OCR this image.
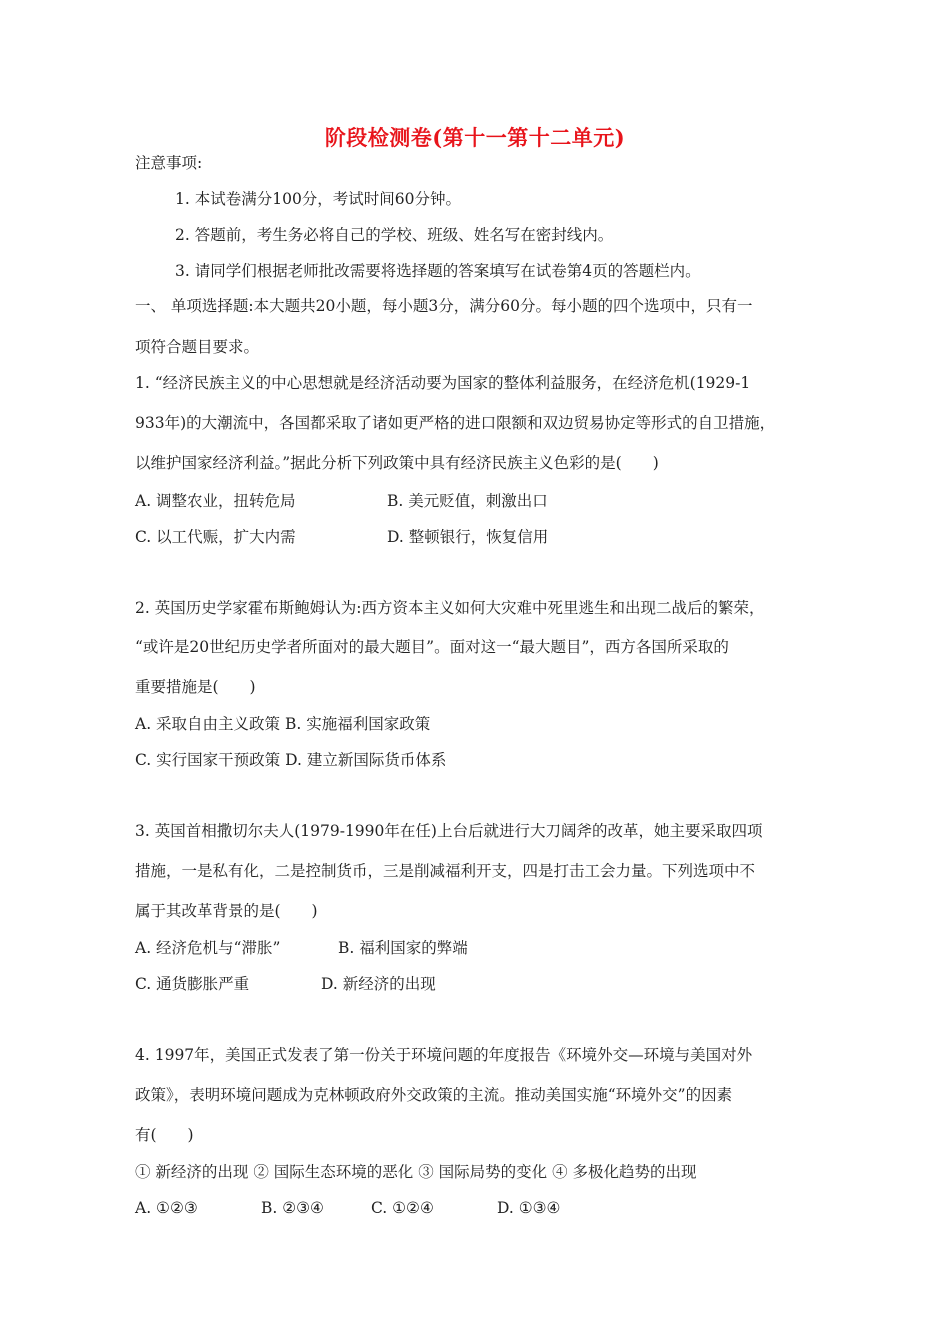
阶段检测卷(第十一第十二单元)
注意事项:
1. 本试卷满分100分，考试时间60分钟。
2. 答题前，考生务必将自己的学校、班级、姓名写在密封线内。
3. 请同学们根据老师批改需要将选择题的答案填写在试卷第4页的答题栏内。
一、 单项选择题:本大题共20小题，每小题3分，满分60分。每小题的四个选项中，只有一
项符合题目要求。
1. “经济民族主义的中心思想就是经济活动要为国家的整体利益服务，在经济危机(1929-1
933年)的大潮流中，各国都采取了诸如更严格的进口限额和双边贸易协定等形式的自卫措施，
以维护国家经济利益。”据此分析下列政策中具有经济民族主义色彩的是(　　)
A. 调整农业，扭转危局	B. 美元贬值，刺激出口
C. 以工代赈，扩大内需	D. 整顿银行，恢复信用
2. 英国历史学家霍布斯鲍姆认为:西方资本主义如何大灾难中死里逃生和出现二战后的繁荣，
“或许是20世纪历史学者所面对的最大题目”。面对这一“最大题目”，西方各国所采取的
重要措施是(　　)
A. 采取自由主义政策 B. 实施福利国家政策
C. 实行国家干预政策 D. 建立新国际货币体系
3. 英国首相撒切尔夫人(1979-1990年在任)上台后就进行大刀阔斧的改革，她主要采取四项
措施，一是私有化，二是控制货币，三是削减福利开支，四是打击工会力量。下列选项中不
属于其改革背景的是(　　)
A. 经济危机与“滞胀”	B. 福利国家的弊端
C. 通货膨胀严重	D. 新经济的出现
4. 1997年，美国正式发表了第一份关于环境问题的年度报告《环境外交—环境与美国对外
政策》，表明环境问题成为克林顿政府外交政策的主流。推动美国实施“环境外交”的因素
有(　　)
① 新经济的出现 ② 国际生态环境的恶化 ③ 国际局势的变化 ④ 多极化趋势的出现
A. ①②③	B. ②③④	C. ①②④	D. ①③④
